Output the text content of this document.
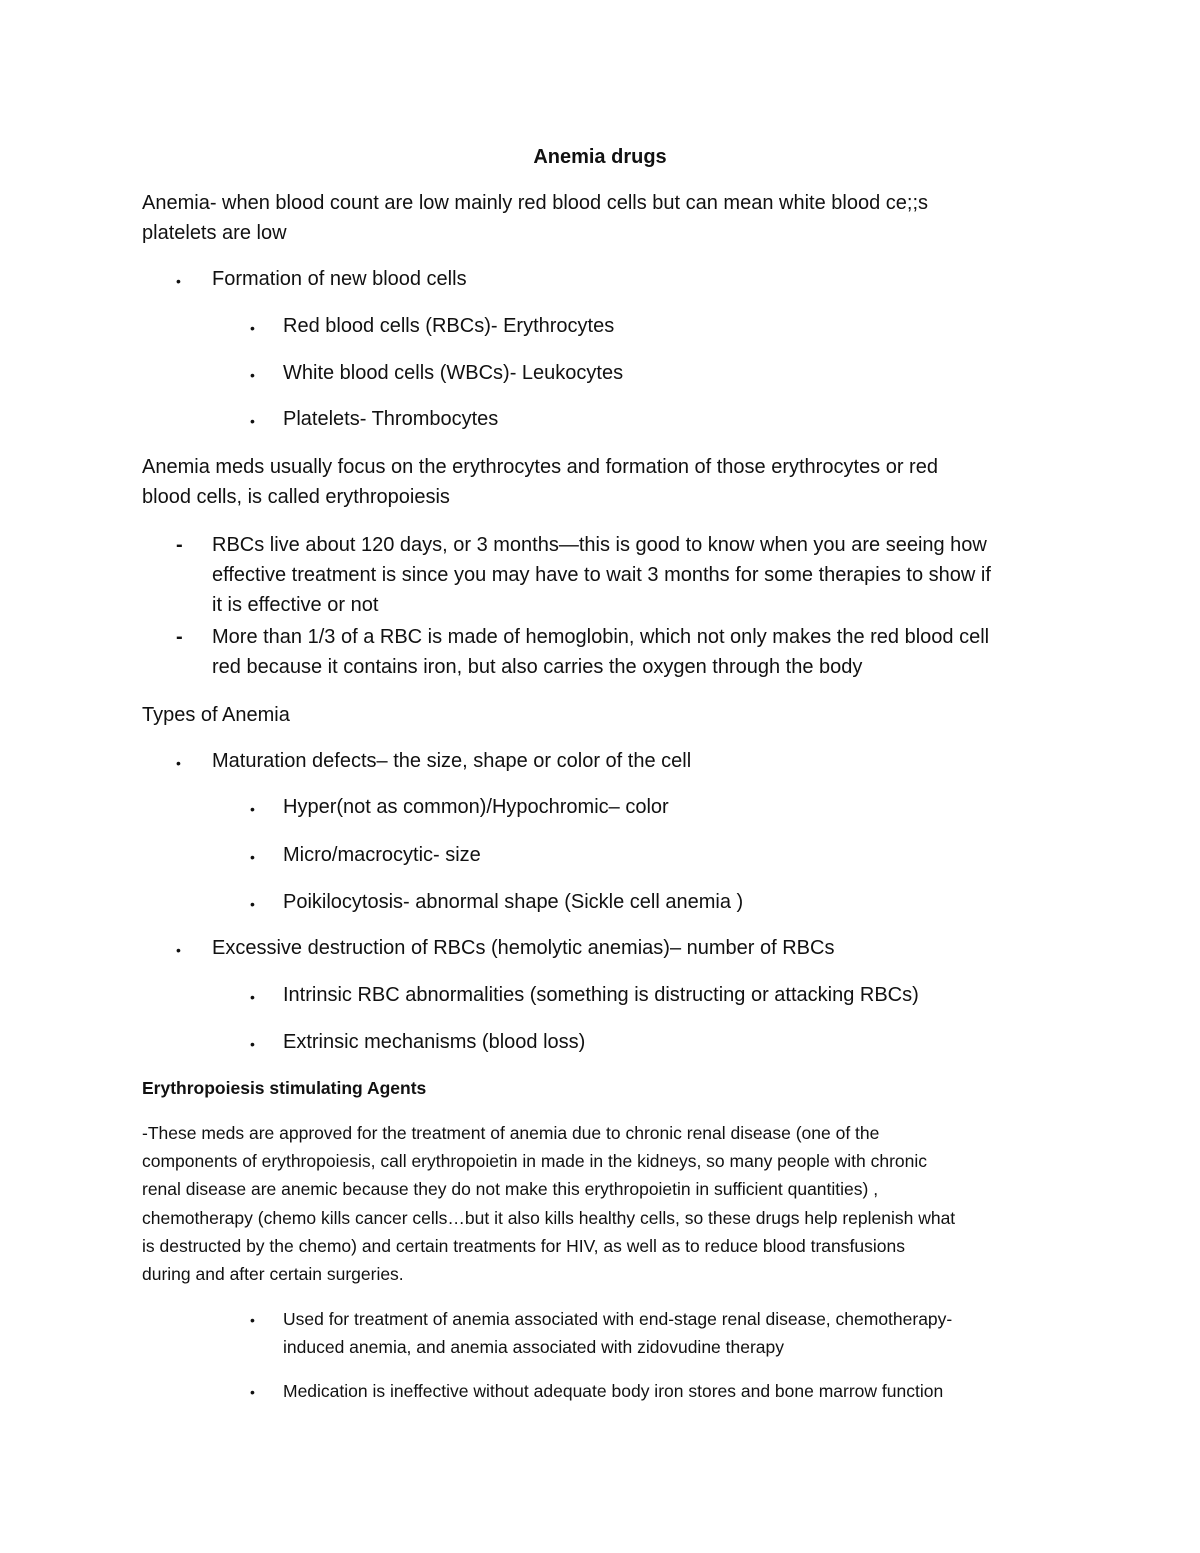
Anemia drugs

Anemia- when blood count are low mainly red blood cells but can mean white blood ce;;s

platelets are low

• Formation of new blood cells

• Red blood cells (RBCs)- Erythrocytes

• White blood cells (WBCs)- Leukocytes

• Platelets- Thrombocytes

Anemia meds usually focus on the erythrocytes and formation of those erythrocytes or red

blood cells, is called erythropoiesis

- RBCs live about 120 days, or 3 months—this is good to know when you are seeing how

effective treatment is since you may have to wait 3 months for some therapies to show if

it is effective or not

- More than 1/3 of a RBC is made of hemoglobin, which not only makes the red blood cell

red because it contains iron, but also carries the oxygen through the body

Types of Anemia

• Maturation defects– the size, shape or color of the cell

• Hyper(not as common)/Hypochromic– color

• Micro/macrocytic- size

• Poikilocytosis- abnormal shape (Sickle cell anemia )

• Excessive destruction of RBCs (hemolytic anemias)– number of RBCs

• Intrinsic RBC abnormalities (something is distructing or attacking RBCs)

• Extrinsic mechanisms (blood loss)

Erythropoiesis stimulating Agents

-These meds are approved for the treatment of anemia due to chronic renal disease (one of the

components of erythropoiesis, call erythropoietin in made in the kidneys, so many people with chronic

renal disease are anemic because they do not make this erythropoietin in sufficient quantities) ,

chemotherapy (chemo kills cancer cells…but it also kills healthy cells, so these drugs help replenish what

is destructed by the chemo) and certain treatments for HIV, as well as to reduce blood transfusions

during and after certain surgeries.

• Used for treatment of anemia associated with end-stage renal disease, chemotherapy-

induced anemia, and anemia associated with zidovudine therapy

• Medication is ineffective without adequate body iron stores and bone marrow function
